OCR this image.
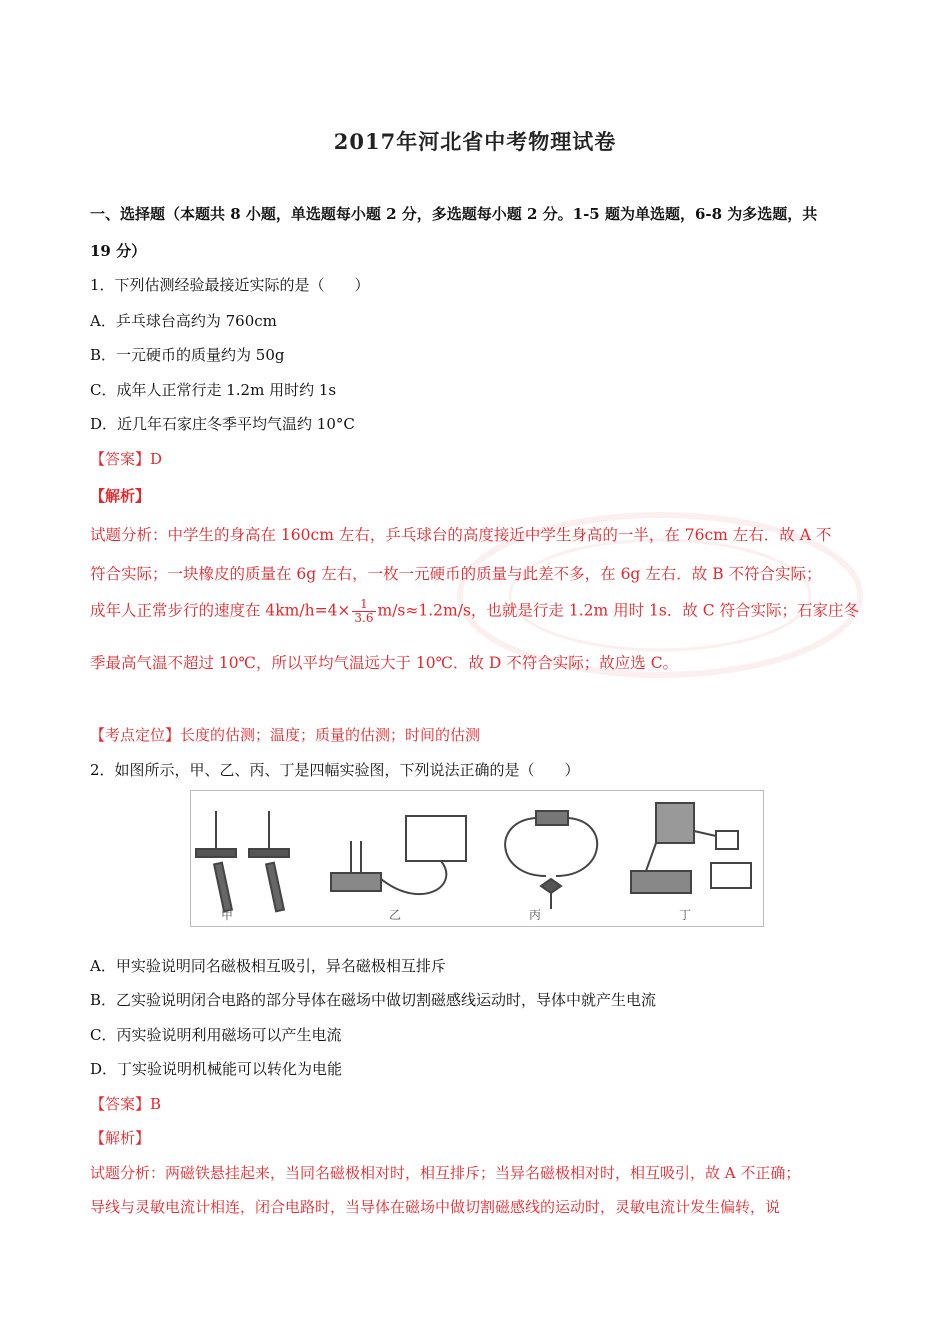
2017年河北省中考物理试卷
一、选择题（本题共 8 小题，单选题每小题 2 分，多选题每小题 2 分。1-5 题为单选题，6-8 为多选题，共
19 分）
1．下列估测经验最接近实际的是（　　）
A．乒乓球台高约为 760cm
B．一元硬币的质量约为 50g
C．成年人正常行走 1.2m 用时约 1s
D．近几年石家庄冬季平均气温约 10°C
【答案】D
【解析】
试题分析：中学生的身高在 160cm 左右，乒乓球台的高度接近中学生身高的一半，在 76cm 左右．故 A 不
符合实际；一块橡皮的质量在 6g 左右，一枚一元硬币的质量与此差不多，在 6g 左右．故 B 不符合实际；
成年人正常步行的速度在 $4km/h=4\times \frac{1}{3.6} m/s\approx 1.2m/s$，也就是行走 1.2m 用时 1s．故 C 符合实际；石家庄冬
季最高气温不超过 10℃，所以平均气温远大于 10℃．故 D 不符合实际；故应选 C。
【考点定位】长度的估测；温度；质量的估测；时间的估测
2．如图所示，甲、乙、丙、丁是四幅实验图，下列说法正确的是（　　）
甲	乙	丙	丁
A．甲实验说明同名磁极相互吸引，异名磁极相互排斥
B．乙实验说明闭合电路的部分导体在磁场中做切割磁感线运动时，导体中就产生电流
C．丙实验说明利用磁场可以产生电流
D．丁实验说明机械能可以转化为电能
【答案】B
【解析】
试题分析：两磁铁悬挂起来，当同名磁极相对时，相互排斥；当异名磁极相对时，相互吸引，故 A 不正确；
导线与灵敏电流计相连，闭合电路时，当导体在磁场中做切割磁感线的运动时，灵敏电流计发生偏转，说
